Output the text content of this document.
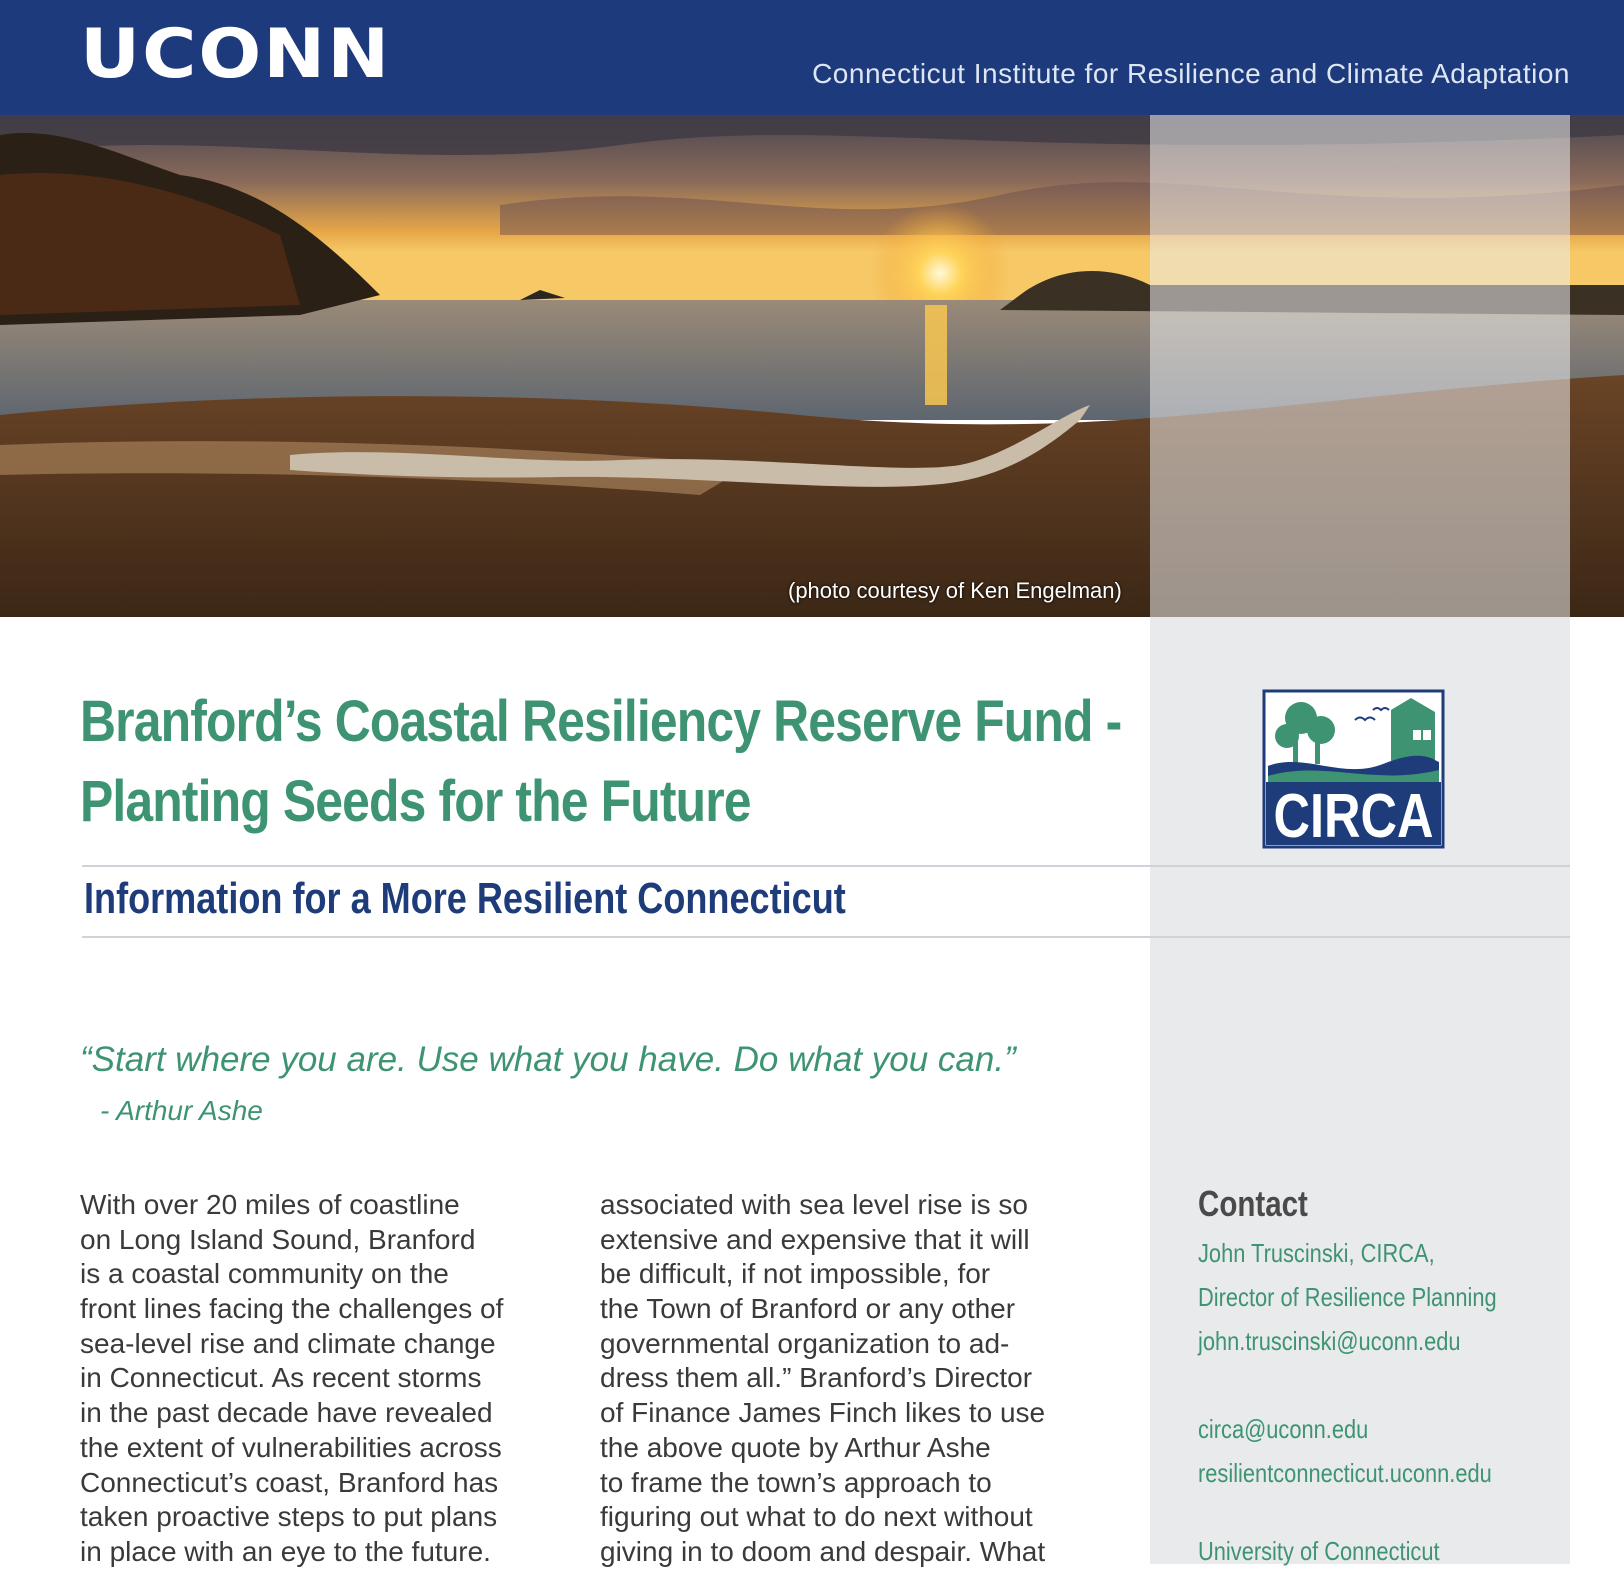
UCONN	Connecticut Institute for Resilience and Climate Adaptation
(photo courtesy of Ken Engelman)
Branford’s Coastal Resiliency Reserve Fund -
Planting Seeds for the Future	CIRCA
Information for a More Resilient Connecticut
“Start where you are. Use what you have. Do what you can.”
- Arthur Ashe
With over 20 miles of coastline
on Long Island Sound, Branford
is a coastal community on the
front lines facing the challenges of
sea-level rise and climate change
in Connecticut. As recent storms
in the past decade have revealed
the extent of vulnerabilities across
Connecticut’s coast, Branford has
taken proactive steps to put plans
in place with an eye to the future.
associated with sea level rise is so
extensive and expensive that it will
be difficult, if not impossible, for
the Town of Branford or any other
governmental organization to ad-
dress them all.” Branford’s Director
of Finance James Finch likes to use
the above quote by Arthur Ashe
to frame the town’s approach to
figuring out what to do next without
giving in to doom and despair. What
Contact
John Truscinski, CIRCA,
Director of Resilience Planning
john.truscinski@uconn.edu
circa@uconn.edu
resilientconnecticut.uconn.edu
University of Connecticut
